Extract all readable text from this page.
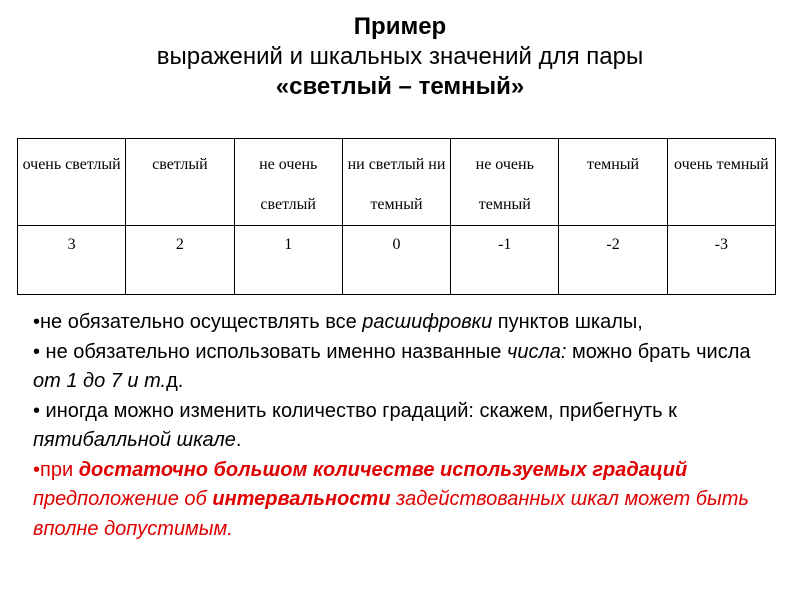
Пример
выражений и шкальных значений для пары
«светлый – темный»
очень светлый	светлый	не очень светлый	ни светлый ни темный	не очень темный	темный	очень темный
3	2	1	0	-1	-2	-3

•не обязательно осуществлять все расшифровки пунктов шкалы,

• не обязательно использовать именно названные числа: можно брать числа от 1 до 7 и т.д.

• иногда можно изменить количество градаций: скажем, прибегнуть к пятибалльной шкале.

•при достаточно большом количестве используемых градаций предположение об интервальности задействованных шкал может быть вполне допустимым.
